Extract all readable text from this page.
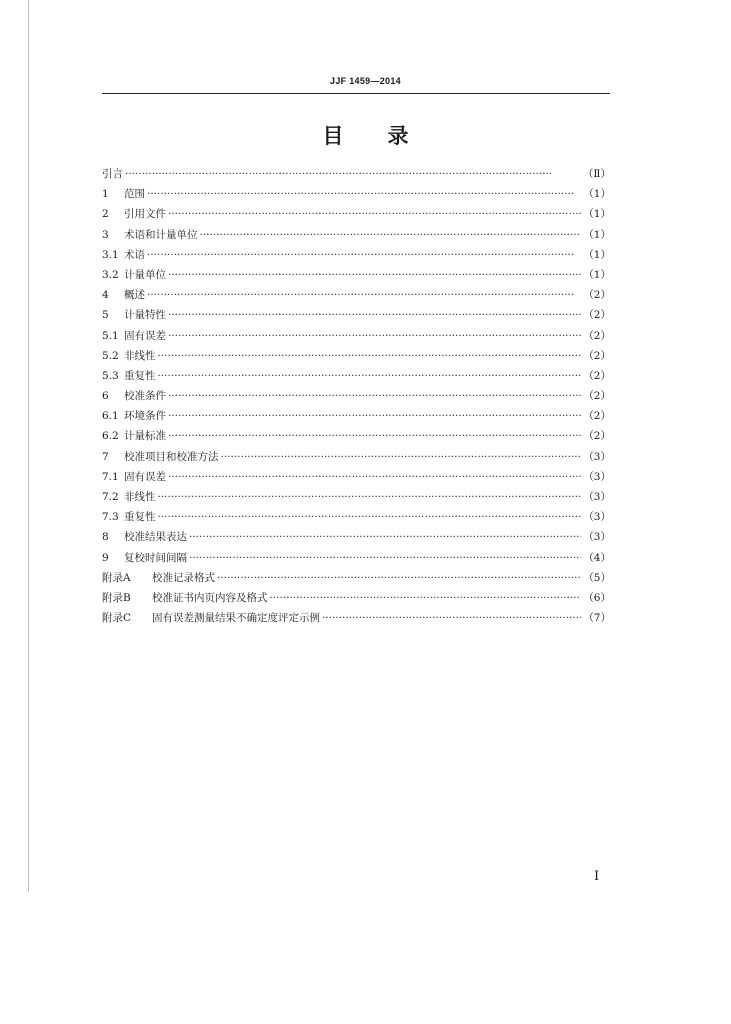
JJF 1459—2014
目 录
引言 ·····	（Ⅱ）
1 范围 ·····	（1）
2 引用文件 ·····	（1）
3 术语和计量单位 ·····	（1）
3.1 术语 ·····	（1）
3.2 计量单位 ·····	（1）
4 概述 ·····	（2）
5 计量特性 ·····	（2）
5.1 固有误差 ·····	（2）
5.2 非线性 ·····	（2）
5.3 重复性 ·····	（2）
6 校准条件 ·····	（2）
6.1 环境条件 ·····	（2）
6.2 计量标准 ·····	（2）
7 校准项目和校准方法 ·····	（3）
7.1 固有误差 ·····	（3）
7.2 非线性 ·····	（3）
7.3 重复性 ·····	（3）
8 校准结果表达 ·····	（3）
9 复校时间间隔 ·····	（4）
附录A 校准记录格式 ·····	（5）
附录B 校准证书内页内容及格式 ·····	（6）
附录C 固有误差测量结果不确定度评定示例 ·····	（7）
I
